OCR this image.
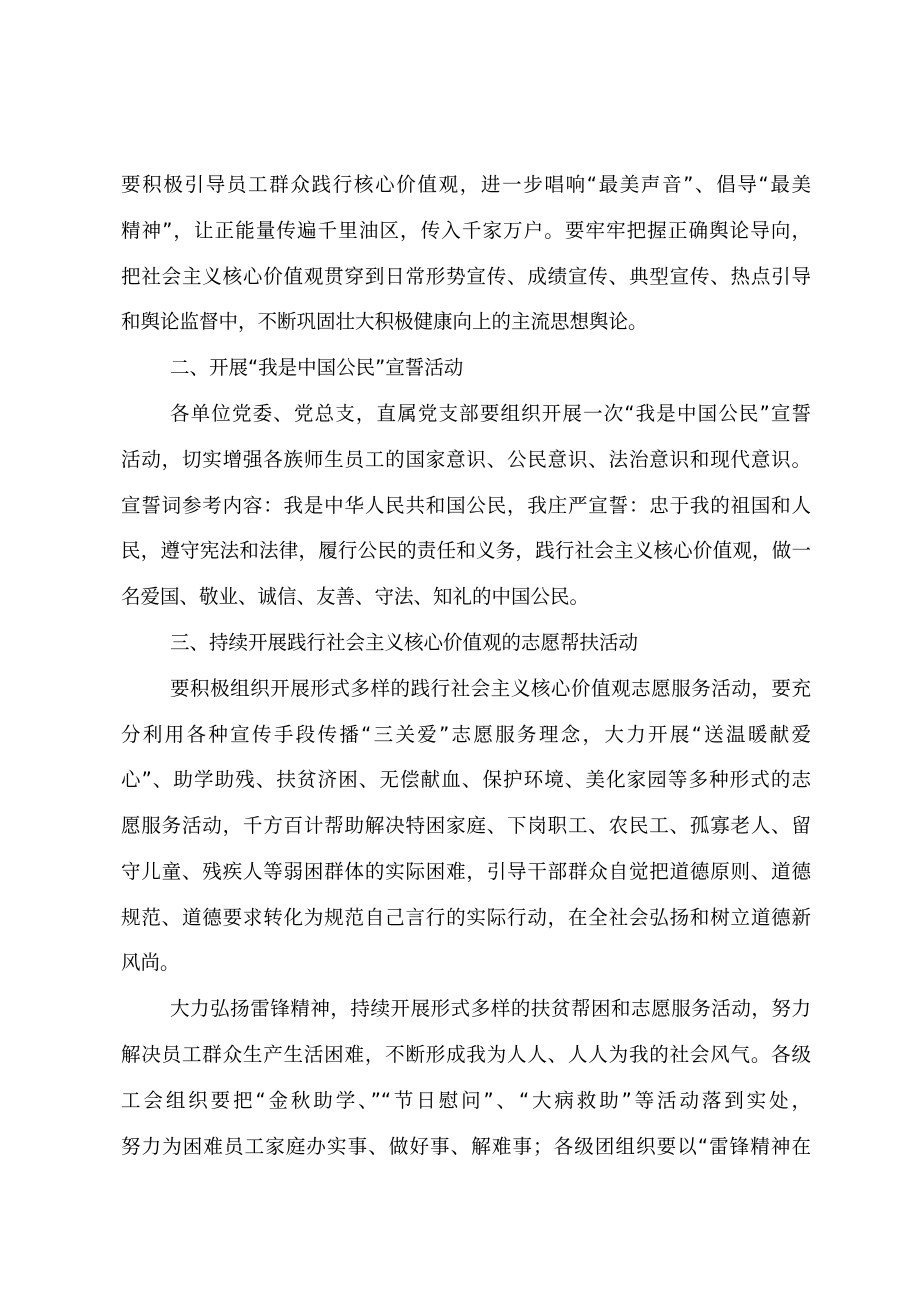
要积极引导员工群众践行核心价值观，进一步唱响“最美声音”、倡导“最美
精神”，让正能量传遍千里油区，传入千家万户。要牢牢把握正确舆论导向，
把社会主义核心价值观贯穿到日常形势宣传、成绩宣传、典型宣传、热点引导
和舆论监督中，不断巩固壮大积极健康向上的主流思想舆论。
二、开展“我是中国公民”宣誓活动
各单位党委、党总支，直属党支部要组织开展一次“我是中国公民”宣誓
活动，切实增强各族师生员工的国家意识、公民意识、法治意识和现代意识。
宣誓词参考内容：我是中华人民共和国公民，我庄严宣誓：忠于我的祖国和人
民，遵守宪法和法律，履行公民的责任和义务，践行社会主义核心价值观，做一
名爱国、敬业、诚信、友善、守法、知礼的中国公民。
三、持续开展践行社会主义核心价值观的志愿帮扶活动
要积极组织开展形式多样的践行社会主义核心价值观志愿服务活动，要充
分利用各种宣传手段传播“三关爱”志愿服务理念，大力开展“送温暖献爱
心”、助学助残、扶贫济困、无偿献血、保护环境、美化家园等多种形式的志
愿服务活动，千方百计帮助解决特困家庭、下岗职工、农民工、孤寡老人、留
守儿童、残疾人等弱困群体的实际困难，引导干部群众自觉把道德原则、道德
规范、道德要求转化为规范自己言行的实际行动，在全社会弘扬和树立道德新
风尚。
大力弘扬雷锋精神，持续开展形式多样的扶贫帮困和志愿服务活动，努力
解决员工群众生产生活困难，不断形成我为人人、人人为我的社会风气。各级
工会组织要把“金秋助学、”“节日慰问”、“大病救助”等活动落到实处，
努力为困难员工家庭办实事、做好事、解难事；各级团组织要以“雷锋精神在
